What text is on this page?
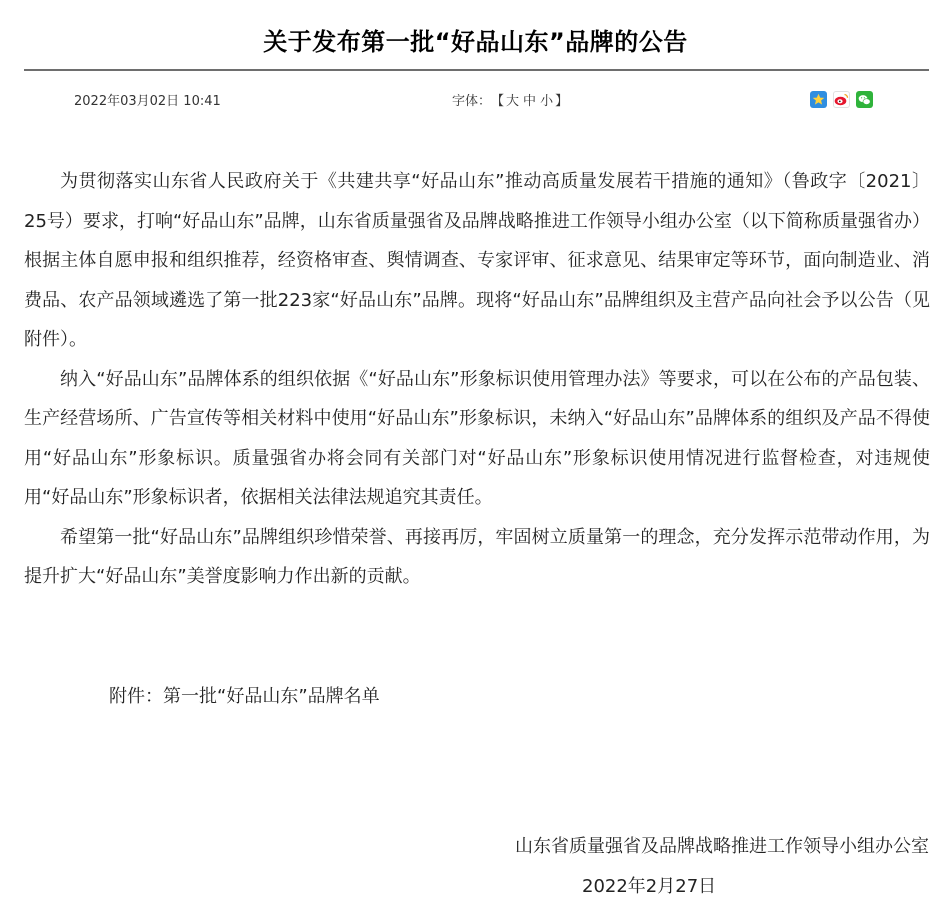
关于发布第一批“好品山东”品牌的公告
2022年03月02日 10:41	字体：【 大 中 小 】

为贯彻落实山东省人民政府关于《共建共享“好品山东”推动高质量发展若干措施的通知》（鲁政字〔2021〕25号）要求，打响“好品山东”品牌，山东省质量强省及品牌战略推进工作领导小组办公室（以下简称质量强省办）根据主体自愿申报和组织推荐，经资格审查、舆情调查、专家评审、征求意见、结果审定等环节，面向制造业、消费品、农产品领域遴选了第一批223家“好品山东”品牌。现将“好品山东”品牌组织及主营产品向社会予以公告（见附件）。

纳入“好品山东”品牌体系的组织依据《“好品山东”形象标识使用管理办法》等要求，可以在公布的产品包装、生产经营场所、广告宣传等相关材料中使用“好品山东”形象标识，未纳入“好品山东”品牌体系的组织及产品不得使用“好品山东”形象标识。质量强省办将会同有关部门对“好品山东”形象标识使用情况进行监督检查，对违规使用“好品山东”形象标识者，依据相关法律法规追究其责任。

希望第一批“好品山东”品牌组织珍惜荣誉、再接再厉，牢固树立质量第一的理念，充分发挥示范带动作用，为提升扩大“好品山东”美誉度影响力作出新的贡献。

附件：第一批“好品山东”品牌名单
山东省质量强省及品牌战略推进工作领导小组办公室
2022年2月27日
